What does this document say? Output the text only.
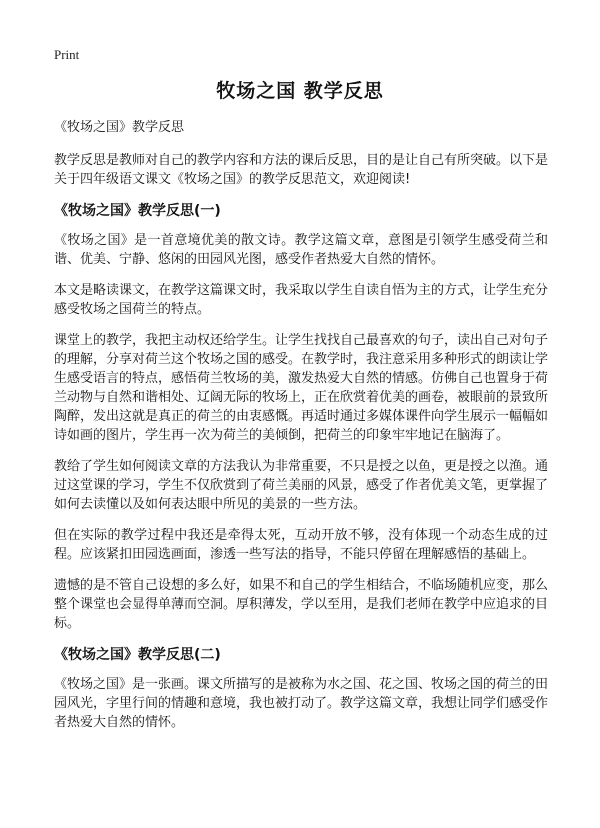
Print
牧场之国 教学反思

《牧场之国》教学反思

教学反思是教师对自己的教学内容和方法的课后反思，目的是让自己有所突破。以下是关于四年级语文课文《牧场之国》的教学反思范文，欢迎阅读!

《牧场之国》教学反思(一)

《牧场之国》是一首意境优美的散文诗。教学这篇文章，意图是引领学生感受荷兰和谐、优美、宁静、悠闲的田园风光图，感受作者热爱大自然的情怀。

本文是略读课文，在教学这篇课文时，我采取以学生自读自悟为主的方式，让学生充分感受牧场之国荷兰的特点。

课堂上的教学，我把主动权还给学生。让学生找找自己最喜欢的句子，读出自己对句子的理解，分享对荷兰这个牧场之国的感受。在教学时，我注意采用多种形式的朗读让学生感受语言的特点，感悟荷兰牧场的美，激发热爱大自然的情感。仿佛自己也置身于荷兰动物与自然和谐相处、辽阔无际的牧场上，正在欣赏着优美的画卷，被眼前的景致所陶醉，发出这就是真正的荷兰的由衷感慨。再适时通过多媒体课件向学生展示一幅幅如诗如画的图片，学生再一次为荷兰的美倾倒，把荷兰的印象牢牢地记在脑海了。

教给了学生如何阅读文章的方法我认为非常重要，不只是授之以鱼，更是授之以渔。通过这堂课的学习，学生不仅欣赏到了荷兰美丽的风景，感受了作者优美文笔，更掌握了如何去读懂以及如何表达眼中所见的美景的一些方法。

但在实际的教学过程中我还是牵得太死，互动开放不够，没有体现一个动态生成的过程。应该紧扣田园选画面，渗透一些写法的指导，不能只停留在理解感悟的基础上。

遗憾的是不管自己设想的多么好，如果不和自己的学生相结合，不临场随机应变，那么整个课堂也会显得单薄而空洞。厚积薄发，学以至用，是我们老师在教学中应追求的目标。

《牧场之国》教学反思(二)

《牧场之国》是一张画。课文所描写的是被称为水之国、花之国、牧场之国的荷兰的田园风光，字里行间的情趣和意境，我也被打动了。教学这篇文章，我想让同学们感受作者热爱大自然的情怀。
